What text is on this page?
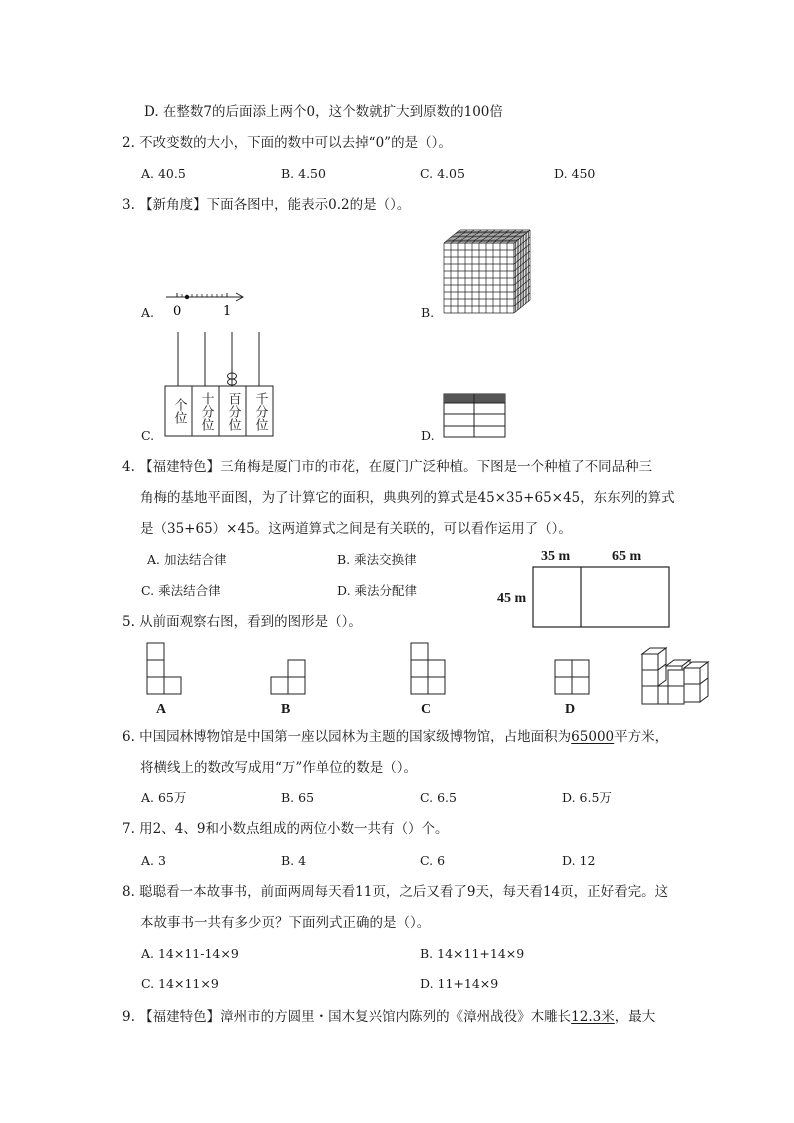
D. 在整数7的后面添上两个0，这个数就扩大到原数的100倍
2. 不改变数的大小，下面的数中可以去掉“0”的是（）。
A. 40.5	B. 4.50	C. 4.05	D. 450
3. 【新角度】下面各图中，能表示0.2的是（）。
A. 0	1	B.
C.
个位 十分位 百分位 千分位
D.
4. 【福建特色】三角梅是厦门市的市花，在厦门广泛种植。下图是一个种植了不同品种三
角梅的基地平面图，为了计算它的面积，典典列的算式是45×35+65×45，东东列的算式
是（35+65）×45。这两道算式之间是有关联的，可以看作运用了（）。
A. 加法结合律	B. 乘法交换律
C. 乘法结合律	D. 乘法分配律
35 m	65 m
45 m
5. 从前面观察右图，看到的图形是（）。
A	B	C	D
6. 中国园林博物馆是中国第一座以园林为主题的国家级博物馆，占地面积为65000平方米，
将横线上的数改写成用“万”作单位的数是（）。
A. 65万	B. 65	C. 6.5	D. 6.5万
7. 用2、4、9和小数点组成的两位小数一共有（）个。
A. 3	B. 4	C. 6	D. 12
8. 聪聪看一本故事书，前面两周每天看11页，之后又看了9天，每天看14页，正好看完。这
本故事书一共有多少页？下面列式正确的是（）。
A. 14×11-14×9	B. 14×11+14×9
C. 14×11×9	D. 11+14×9
9. 【福建特色】漳州市的方圆里・国木复兴馆内陈列的《漳州战役》木雕长12.3米，最大
